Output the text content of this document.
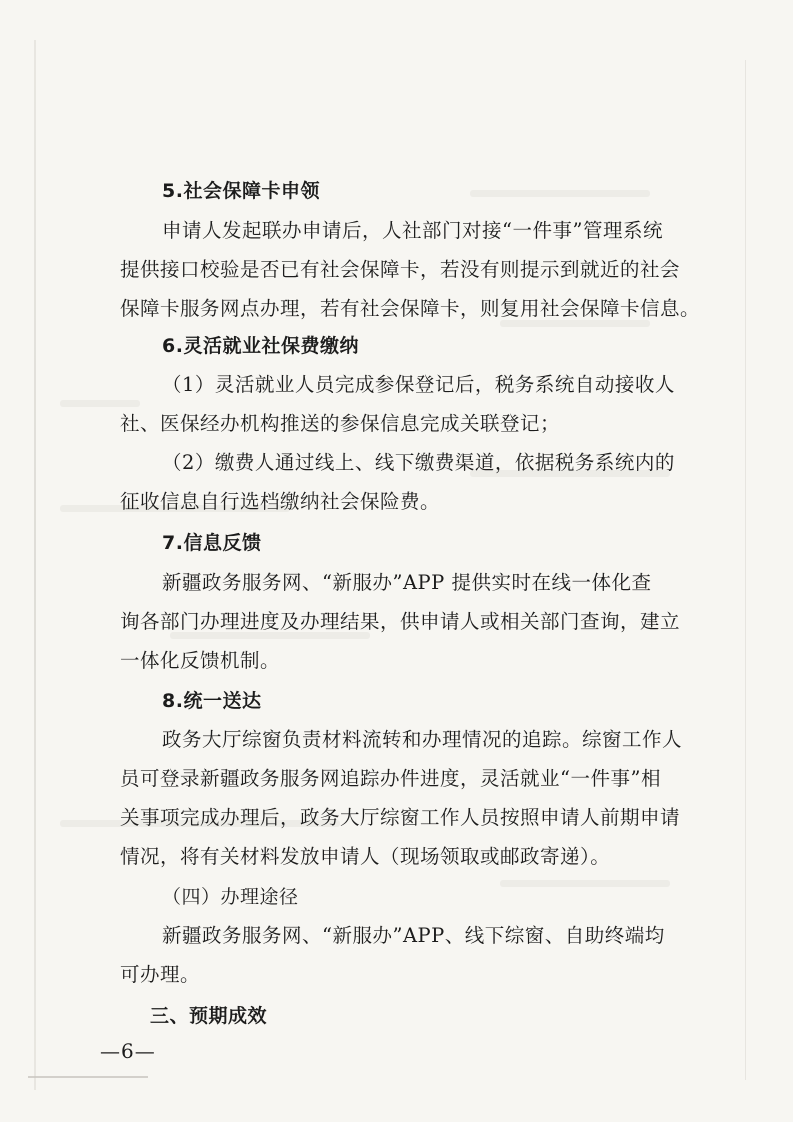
5.社会保障卡申领
申请人发起联办申请后，人社部门对接“一件事”管理系统
提供接口校验是否已有社会保障卡，若没有则提示到就近的社会
保障卡服务网点办理，若有社会保障卡，则复用社会保障卡信息。
6.灵活就业社保费缴纳
（1）灵活就业人员完成参保登记后，税务系统自动接收人
社、医保经办机构推送的参保信息完成关联登记；
（2）缴费人通过线上、线下缴费渠道，依据税务系统内的
征收信息自行选档缴纳社会保险费。
7.信息反馈
新疆政务服务网、“新服办”APP 提供实时在线一体化查
询各部门办理进度及办理结果，供申请人或相关部门查询，建立
一体化反馈机制。
8.统一送达
政务大厅综窗负责材料流转和办理情况的追踪。综窗工作人
员可登录新疆政务服务网追踪办件进度，灵活就业“一件事”相
关事项完成办理后，政务大厅综窗工作人员按照申请人前期申请
情况，将有关材料发放申请人（现场领取或邮政寄递）。
（四）办理途径
新疆政务服务网、“新服办”APP、线下综窗、自助终端均
可办理。
三、预期成效
—6—
